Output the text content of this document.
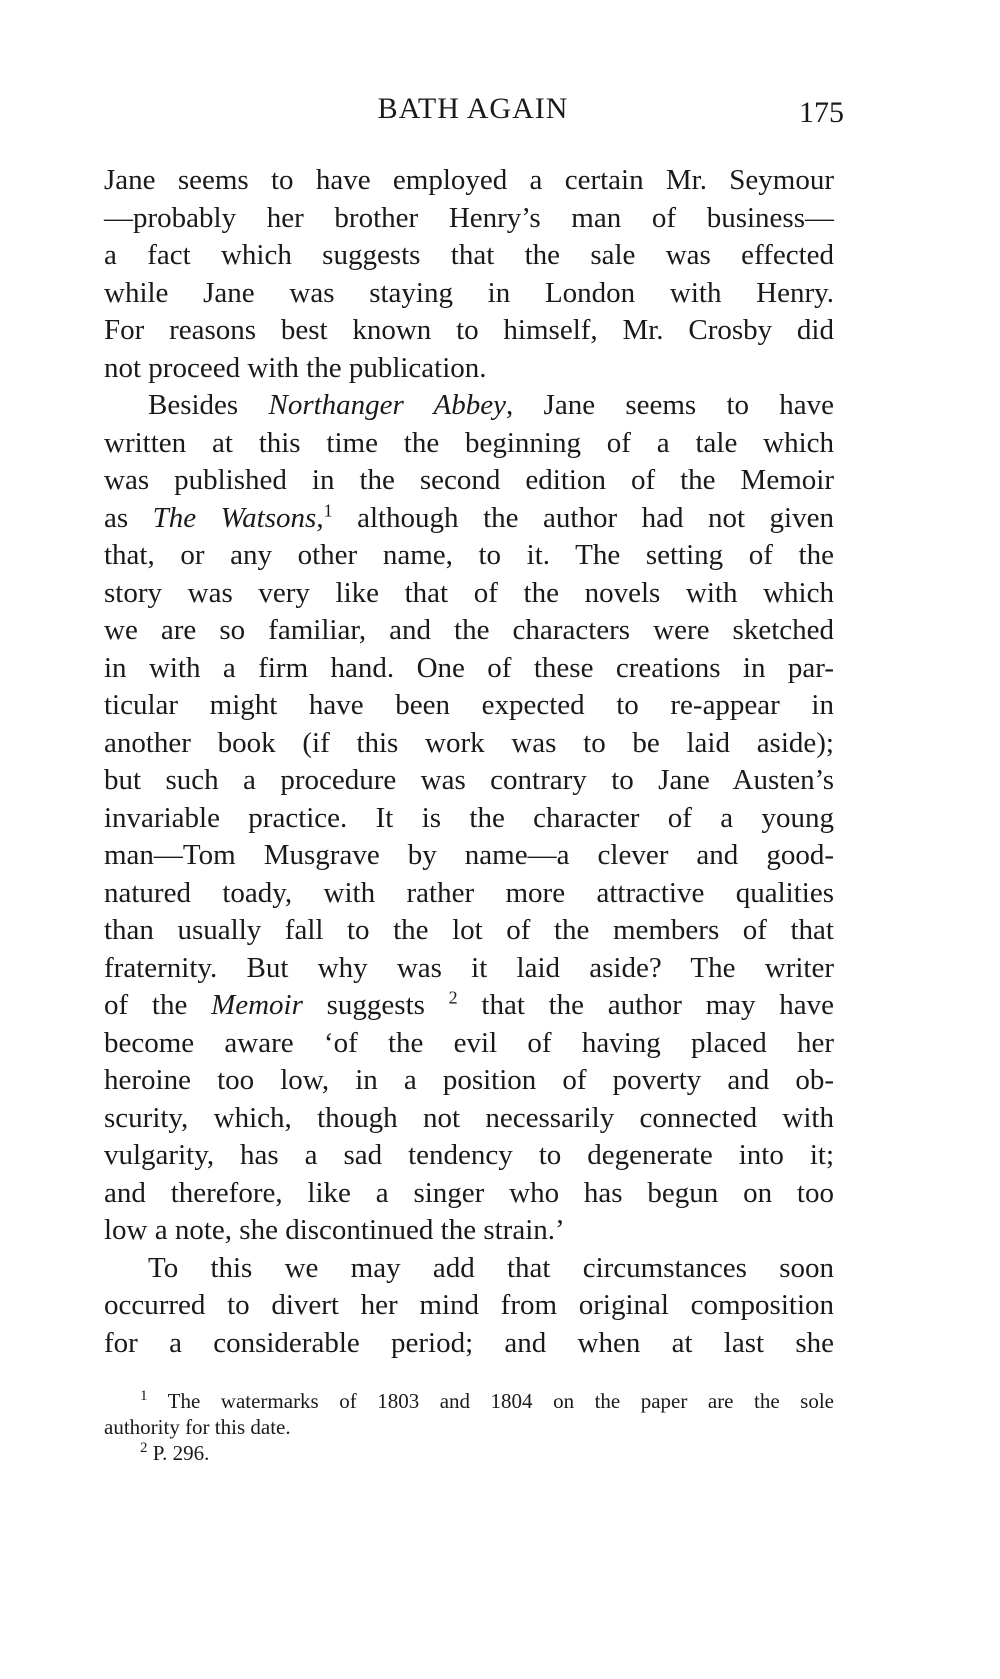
BATH AGAIN	175
Jane seems to have employed a certain Mr. Seymour
—probably her brother Henry’s man of business—
a fact which suggests that the sale was effected
while Jane was staying in London with Henry.
For reasons best known to himself, Mr. Crosby did
not proceed with the publication.
Besides Northanger Abbey, Jane seems to have
written at this time the beginning of a tale which
was published in the second edition of the Memoir
as The Watsons,$^1$ although the author had not given
that, or any other name, to it. The setting of the
story was very like that of the novels with which
we are so familiar, and the characters were sketched
in with a firm hand. One of these creations in par-
ticular might have been expected to re-appear in
another book (if this work was to be laid aside);
but such a procedure was contrary to Jane Austen’s
invariable practice. It is the character of a young
man—Tom Musgrave by name—a clever and good-
natured toady, with rather more attractive qualities
than usually fall to the lot of the members of that
fraternity. But why was it laid aside? The writer
of the Memoir suggests $^2$ that the author may have
become aware ‘of the evil of having placed her
heroine too low, in a position of poverty and ob-
scurity, which, though not necessarily connected with
vulgarity, has a sad tendency to degenerate into it;
and therefore, like a singer who has begun on too
low a note, she discontinued the strain.’
To this we may add that circumstances soon
occurred to divert her mind from original composition
for a considerable period; and when at last she
$^1$ The watermarks of 1803 and 1804 on the paper are the sole
authority for this date.
$^2$ P. 296.
